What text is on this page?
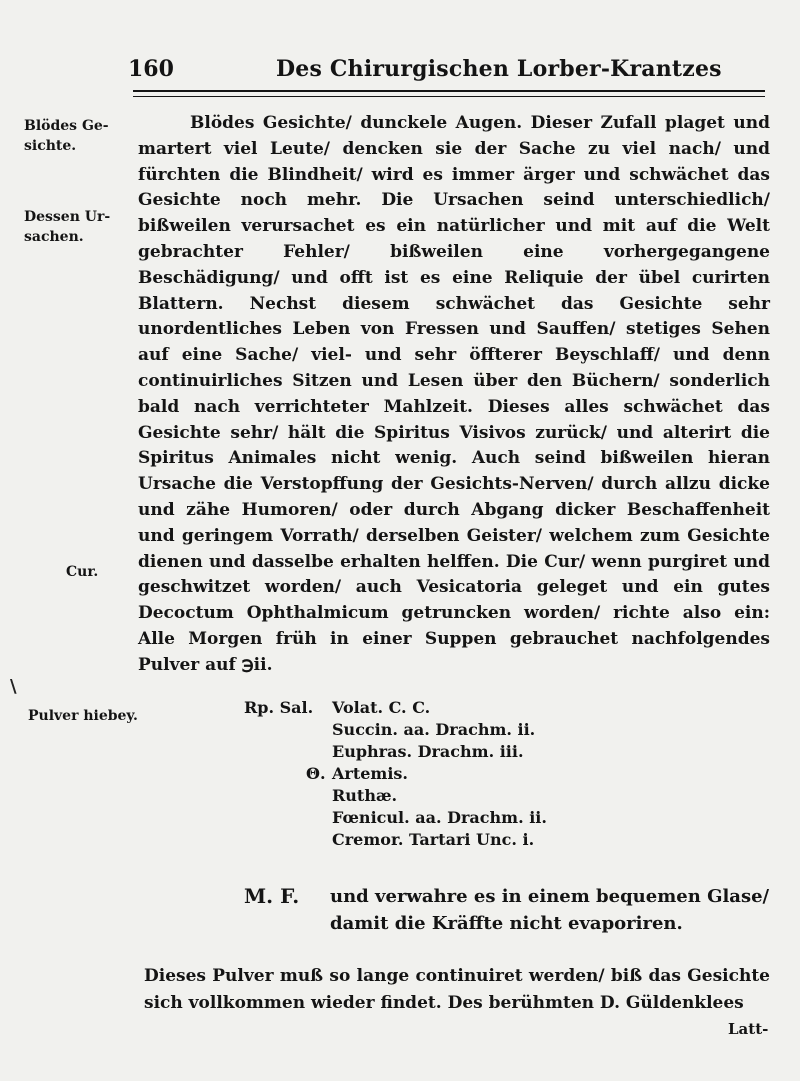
160	Des Chirurgischen Lorber-Krantzes
Blödes Ge-
sichte.
Dessen Ur-
sachen.
Cur.
Pulver hiebey.

Blödes Gesichte/ dunckele Augen. Dieser Zufall plaget und martert viel Leute/ dencken sie der Sache zu viel nach/ und fürchten die Blindheit/ wird es immer ärger und schwächet das Gesichte noch mehr. Die Ursachen seind unterschiedlich/ bißweilen verursachet es ein natürlicher und mit auf die Welt gebrachter Fehler/ bißweilen eine vorhergegangene Beschädigung/ und offt ist es eine Reliquie der übel curirten Blattern. Nechst diesem schwächet das Gesichte sehr unordentliches Leben von Fressen und Sauffen/ stetiges Sehen auf eine Sache/ viel- und sehr öffterer Beyschlaff/ und denn continuirliches Sitzen und Lesen über den Büchern/ sonderlich bald nach verrichteter Mahlzeit. Dieses alles schwächet das Gesichte sehr/ hält die Spiritus Visivos zurück/ und alterirt die Spiritus Animales nicht wenig. Auch seind bißweilen hieran Ursache die Verstopffung der Gesichts-Nerven/ durch allzu dicke und zähe Humoren/ oder durch Abgang dicker Beschaffenheit und geringem Vorrath/ derselben Geister/ welchem zum Gesichte dienen und dasselbe erhalten helffen. Die Cur/ wenn purgiret und geschwitzet worden/ auch Vesicatoria geleget und ein gutes Decoctum Ophthalmicum getruncken worden/ richte also ein: Alle Morgen früh in einer Suppen gebrauchet nachfolgendes Pulver auf ℈ii.

Rp. Sal. Volat. C. C.
Succin. aa. Drachm. ii.
Euphras. Drachm. iii.
Θ. Artemis.
Ruthæ.
Fœnicul. aa. Drachm. ii.
Cremor. Tartari Unc. i.
M. F. und verwahre es in einem bequemen Glase/
damit die Kräffte nicht evaporiren.
Dieses Pulver muß so lange continuiret werden/ biß das Gesichte sich vollkommen wieder findet. Des berühmten D. Güldenklees
Latt-
\
